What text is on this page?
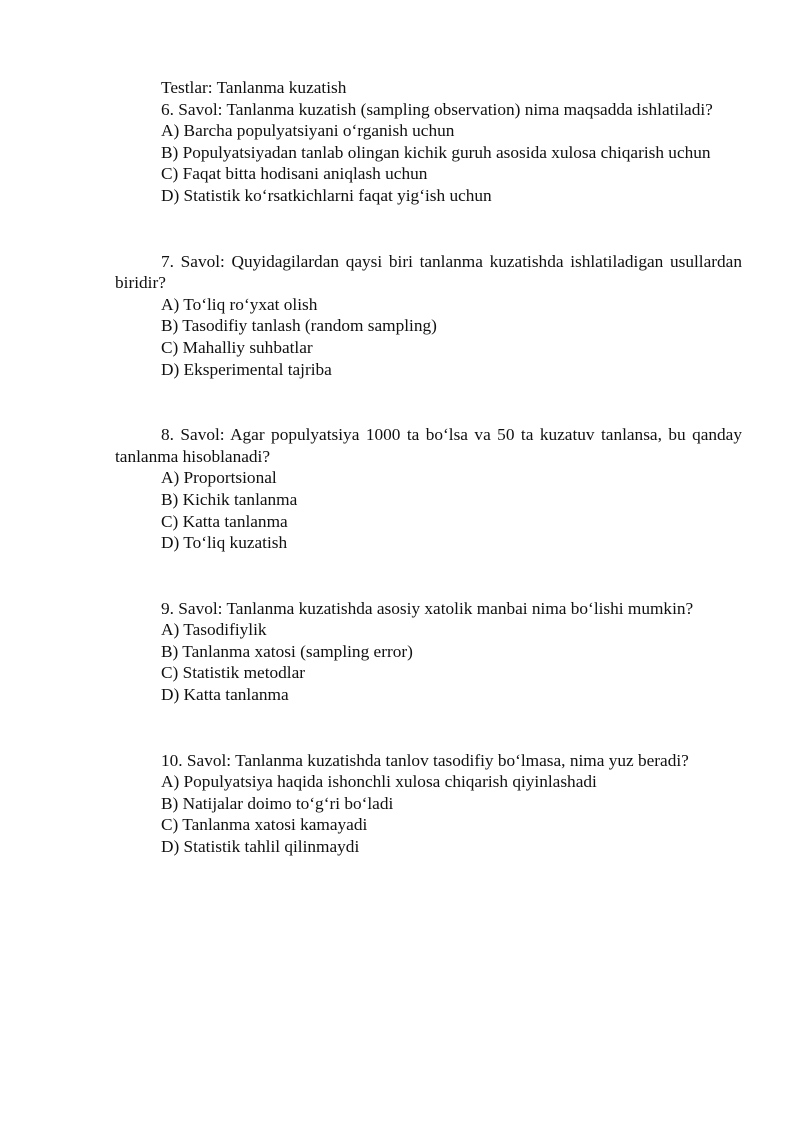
Testlar: Tanlanma kuzatish
6. Savol: Tanlanma kuzatish (sampling observation) nima maqsadda ishlatiladi?
A) Barcha populyatsiyani o‘rganish uchun
B) Populyatsiyadan tanlab olingan kichik guruh asosida xulosa chiqarish uchun
C) Faqat bitta hodisani aniqlash uchun
D) Statistik ko‘rsatkichlarni faqat yig‘ish uchun
7. Savol: Quyidagilardan qaysi biri tanlanma kuzatishda ishlatiladigan usullardan biridir?
A) To‘liq ro‘yxat olish
B) Tasodifiy tanlash (random sampling)
C) Mahalliy suhbatlar
D) Eksperimental tajriba
8. Savol: Agar populyatsiya 1000 ta bo‘lsa va 50 ta kuzatuv tanlansa, bu qanday tanlanma hisoblanadi?
A) Proportsional
B) Kichik tanlanma
C) Katta tanlanma
D) To‘liq kuzatish
9. Savol: Tanlanma kuzatishda asosiy xatolik manbai nima bo‘lishi mumkin?
A) Tasodifiylik
B) Tanlanma xatosi (sampling error)
C) Statistik metodlar
D) Katta tanlanma
10. Savol: Tanlanma kuzatishda tanlov tasodifiy bo‘lmasa, nima yuz beradi?
A) Populyatsiya haqida ishonchli xulosa chiqarish qiyinlashadi
B) Natijalar doimo to‘g‘ri bo‘ladi
C) Tanlanma xatosi kamayadi
D) Statistik tahlil qilinmaydi
